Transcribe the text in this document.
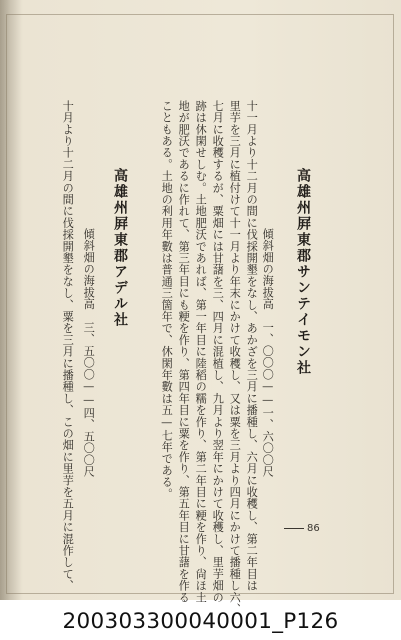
高雄州屛東郡サンテイモン社
傾斜畑の海拔高　一、〇〇〇——一、六〇〇尺
十一月より十二月の間に伐採開墾をなし、あかざを三月に播種し、六月に收穫し、第二年目は
里芋を三月に植付けて十一月より年末にかけて收穫し、又は粟を三月より四月にかけて播種し六、
七月に收穫するが、粟畑には甘藷を三、四月に混植し、九月より翌年にかけて收穫し、里芋畑の
跡は休閑せしむ。土地肥沃であれば、第一年目に陸稻の糯を作り、第二年目に粳を作り、尙ほ土
地が肥沃であるに作れて、第三年目にも粳を作り、第四年目に粟を作り、第五年目に甘藷を作る
こともある。土地の利用年數は普通三箇年で、休閑年數は五—七年である。
高雄州屛東郡アデル社
傾斜畑の海拔高　三、五〇〇——四、五〇〇尺
十月より十二月の間に伐採開墾をなし、粟を三月に播種し、この畑に里芋を五月に混作して、	86
200303300040001_P126
